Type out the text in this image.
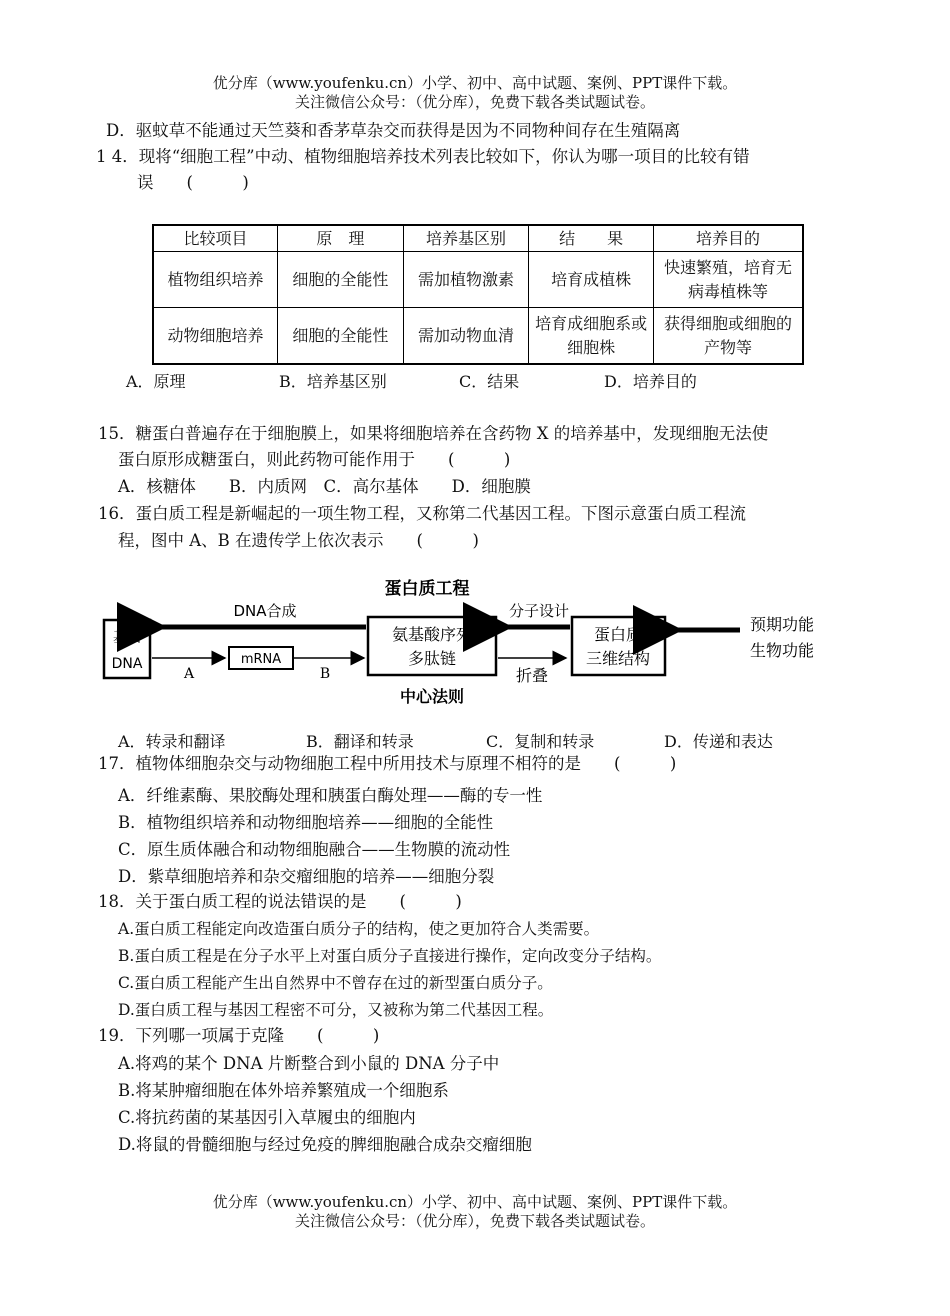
优分库（www.youfenku.cn）小学、初中、高中试题、案例、PPT课件下载。
关注微信公众号：（优分库），免费下载各类试题试卷。
D．驱蚊草不能通过天竺葵和香茅草杂交而获得是因为不同物种间存在生殖隔离
1 4．现将“细胞工程”中动、植物细胞培养技术列表比较如下，你认为哪一项目的比较有错
误　　(　　　)
比较项目	原　理	培养基区别	结　　果	培养目的
植物组织培养	细胞的全能性	需加植物激素	培育成植株	快速繁殖，培育无病毒植株等
动物细胞培养	细胞的全能性	需加动物血清	培育成细胞系或细胞株	获得细胞或细胞的产物等
A．原理	B．培养基区别	C．结果	D．培养目的
15．糖蛋白普遍存在于细胞膜上，如果将细胞培养在含药物 X 的培养基中，发现细胞无法使
蛋白原形成糖蛋白，则此药物可能作用于　　(　　　)
A．核糖体　　B．内质网　C．高尔基体　　D．细胞膜
16．蛋白质工程是新崛起的一项生物工程，又称第二代基因工程。下图示意蛋白质工程流
程，图中 A、B 在遗传学上依次表示　　(　　　)
蛋白质工程
基因
DNA
DNA合成
A
mRNA
B
氨基酸序列
多肽链
中心法则
分子设计
折叠
蛋白质
三维结构
预期功能
生物功能
A．转录和翻译	B．翻译和转录	C．复制和转录	D．传递和表达
17．植物体细胞杂交与动物细胞工程中所用技术与原理不相符的是　　(　　　)
A．纤维素酶、果胶酶处理和胰蛋白酶处理——酶的专一性
B．植物组织培养和动物细胞培养——细胞的全能性
C．原生质体融合和动物细胞融合——生物膜的流动性
D．紫草细胞培养和杂交瘤细胞的培养——细胞分裂
18．关于蛋白质工程的说法错误的是　　(　　　)
A.蛋白质工程能定向改造蛋白质分子的结构，使之更加符合人类需要。
B.蛋白质工程是在分子水平上对蛋白质分子直接进行操作，定向改变分子结构。
C.蛋白质工程能产生出自然界中不曾存在过的新型蛋白质分子。
D.蛋白质工程与基因工程密不可分，又被称为第二代基因工程。
19．下列哪一项属于克隆　　(　　　)
A.将鸡的某个 DNA 片断整合到小鼠的 DNA 分子中
B.将某肿瘤细胞在体外培养繁殖成一个细胞系
C.将抗药菌的某基因引入草履虫的细胞内
D.将鼠的骨髓细胞与经过免疫的脾细胞融合成杂交瘤细胞
优分库（www.youfenku.cn）小学、初中、高中试题、案例、PPT课件下载。
关注微信公众号：（优分库），免费下载各类试题试卷。
